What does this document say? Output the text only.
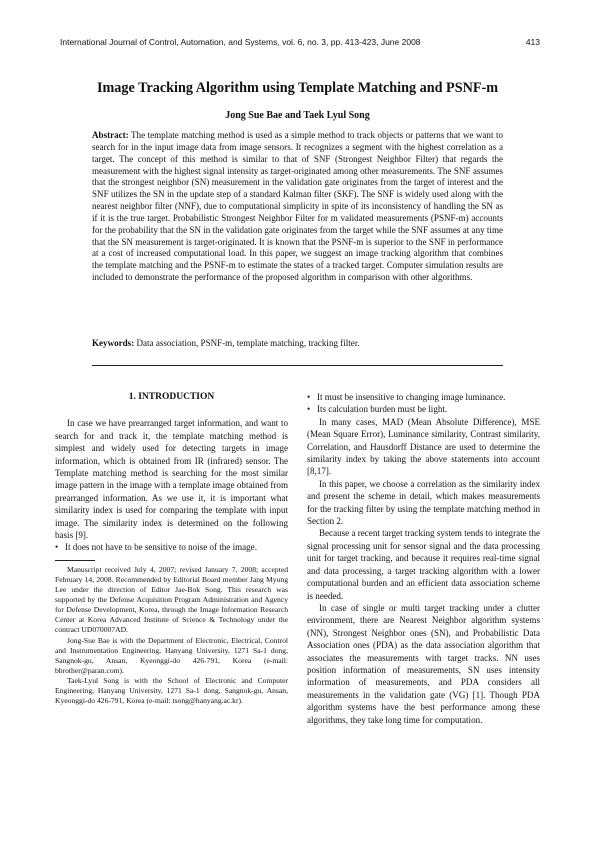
International Journal of Control, Automation, and Systems, vol. 6, no. 3, pp. 413-423, June 2008	413
Image Tracking Algorithm using Template Matching and PSNF-m
Jong Sue Bae and Taek Lyul Song
Abstract: The template matching method is used as a simple method to track objects or patterns that we want to search for in the input image data from image sensors. It recognizes a segment with the highest correlation as a target. The concept of this method is similar to that of SNF (Strongest Neighbor Filter) that regards the measurement with the highest signal intensity as target-originated among other measurements. The SNF assumes that the strongest neighbor (SN) measurement in the validation gate originates from the target of interest and the SNF utilizes the SN in the update step of a standard Kalman filter (SKF). The SNF is widely used along with the nearest neighbor filter (NNF), due to computational simplicity in spite of its inconsistency of handling the SN as if it is the true target. Probabilistic Strongest Neighbor Filter for m validated measurements (PSNF-m) accounts for the probability that the SN in the validation gate originates from the target while the SNF assumes at any time that the SN measurement is target-originated. It is known that the PSNF-m is superior to the SNF in performance at a cost of increased computational load. In this paper, we suggest an image tracking algorithm that combines the template matching and the PSNF-m to estimate the states of a tracked target. Computer simulation results are included to demonstrate the performance of the proposed algorithm in comparison with other algorithms.
Keywords: Data association, PSNF-m, template matching, tracking filter.
1. INTRODUCTION

In case we have prearranged target information, and want to search for and track it, the template matching method is simplest and widely used for detecting targets in image information, which is obtained from IR (infrared) sensor. The Template matching method is searching for the most similar image pattern in the image with a template image obtained from prearranged information. As we use it, it is important what similarity index is used for comparing the template with input image. The similarity index is determined on the following basis [9].

• It does not have to be sensitive to noise of the image.

Manuscript received July 4, 2007; revised January 7, 2008; accepted February 14, 2008. Recommended by Editorial Board member Jang Myung Lee under the direction of Editor Jae-Bok Song. This research was supported by the Defense Acquisition Program Administration and Agency for Defense Development, Korea, through the Image Information Research Center at Korea Advanced Institute of Science & Technology under the contract UD070007AD.

Jong-Sue Bae is with the Department of Electronic, Electrical, Control and Instrumentation Engineering, Hanyang University, 1271 Sa-1 dong, Sangnok-gu, Ansan, Kyeonggi-do 426-791, Korea (e-mail: bbrother@paran.com).

Taek-Lyul Song is with the School of Electronic and Computer Engineering, Hanyang University, 1271 Sa-1 dong, Sangnok-gu, Ansan, Kyeonggi-do 426-791, Korea (e-mail: tsong@hanyang.ac.kr).

• It must be insensitive to changing image luminance.
• Its calculation burden must be light.

In many cases, MAD (Mean Absolute Difference), MSE (Mean Square Error), Luminance similarity, Contrast similarity, Correlation, and Hausdorff Distance are used to determine the similarity index by taking the above statements into account [8,17].

In this paper, we choose a correlation as the similarity index and present the scheme in detail, which makes measurements for the tracking filter by using the template matching method in Section 2.

Because a recent target tracking system tends to integrate the signal processing unit for sensor signal and the data processing unit for target tracking, and because it requires real-time signal and data processing, a target tracking algorithm with a lower computational burden and an efficient data association scheme is needed.

In case of single or multi target tracking under a clutter environment, there are Nearest Neighbor algorithm systems (NN), Strongest Neighbor ones (SN), and Probabilistic Data Association ones (PDA) as the data association algorithm that associates the measurements with target tracks. NN uses position information of measurements, SN uses intensity information of measurements, and PDA considers all measurements in the validation gate (VG) [1]. Though PDA algorithm systems have the best performance among these algorithms, they take long time for computation.
